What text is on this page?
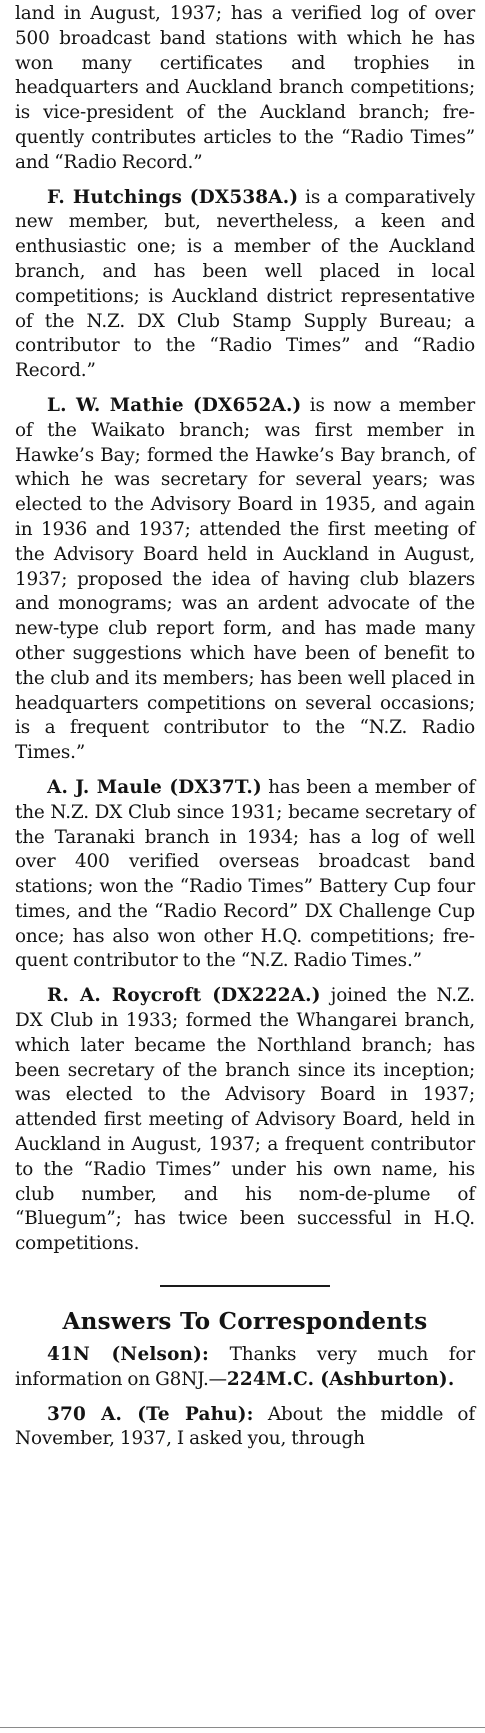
land in August, 1937; has a verified log of over 500 broadcast band stations with which he has won many certificates and trophies in headquarters and Auckland branch competitions; is vice-president of the Auckland branch; frequently contributes articles to the “Radio Times” and “Radio Record.”

F. Hutchings (DX538A.) is a comparatively new member, but, nevertheless, a keen and enthusiastic one; is a member of the Auckland branch, and has been well placed in local competitions; is Auckland district representative of the N.Z. DX Club Stamp Supply Bureau; a contributor to the “Radio Times” and “Radio Record.”

L. W. Mathie (DX652A.) is now a member of the Waikato branch; was first member in Hawke’s Bay; formed the Hawke’s Bay branch, of which he was secretary for several years; was elected to the Advisory Board in 1935, and again in 1936 and 1937; attended the first meeting of the Advisory Board held in Auckland in August, 1937; proposed the idea of having club blazers and monograms; was an ardent advocate of the new-type club report form, and has made many other suggestions which have been of benefit to the club and its members; has been well placed in headquarters competitions on several occasions; is a frequent contributor to the “N.Z. Radio Times.”

A. J. Maule (DX37T.) has been a member of the N.Z. DX Club since 1931; became secretary of the Taranaki branch in 1934; has a log of well over 400 verified overseas broadcast band stations; won the “Radio Times” Battery Cup four times, and the “Radio Record” DX Challenge Cup once; has also won other H.Q. competitions; frequent contributor to the “N.Z. Radio Times.”

R. A. Roycroft (DX222A.) joined the N.Z. DX Club in 1933; formed the Whangarei branch, which later became the Northland branch; has been secretary of the branch since its inception; was elected to the Advisory Board in 1937; attended first meeting of Advisory Board, held in Auckland in August, 1937; a frequent contributor to the “Radio Times” under his own name, his club number, and his nom-de-plume of “Bluegum”; has twice been successful in H.Q. competitions.

Answers To Correspondents

41N (Nelson): Thanks very much for information on G8NJ.—224M.C. (Ashburton).

370 A. (Te Pahu): About the middle of November, 1937, I asked you, through
